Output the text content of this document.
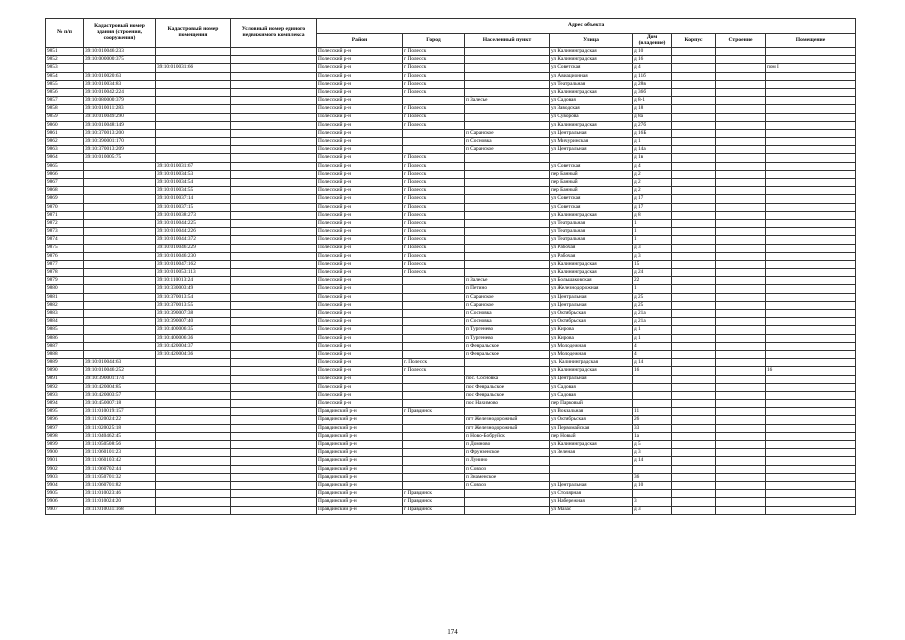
№ п/п	Кадастровый номер здания (строения, сооружения)	Кадастровый номер помещения	Условный номер единого недвижимого комплекса	Адрес объекта							
				Район	Город	Населенный пункт	Улица	Дом (владение)	Корпус	Строение	Помещение
9851	39:10:010046:233			Полесский р-н	г Полесск		ул Калининградская	д 10			
9852	39:10:000000:375			Полесский р-н	г Полесск		ул Калининградская	д 16			
9853		39:10:010031:66		Полесский р-н	г Полесск		ул Советская	д 4			пом I
9854	39:10:010020:63			Полесский р-н	г Полесск		ул Авиационная	д 11б			
9855	39:10:010034:83			Полесский р-н	г Полесск		ул Театральная	д 28в			
9856	39:10:010042:224			Полесский р-н	г Полесск		ул Калининградская	д 36б			
9857	39:10:080000:379			Полесский р-н		п Залесье	ул Садовая	д 8-1			
9858	39:10:010011:283			Полесский р-н	г Полесск		ул Заводская	д 18			
9859	39:10:010049:290			Полесский р-н	г Полесск		ул Суворова	д 8а			
9860	39:10:010048:149			Полесский р-н	г Полесск		ул Калининградская	д 27б			
9861	39:10:370013:200			Полесский р-н		п Саранское	ул Центральная	д 16Б			
9862	39:10:390001:170			Полесский р-н		п Сосновка	ул Мичуринская	д 1			
9863	39:10:370013:209			Полесский р-н		п Саранское	ул Центральная	д 14а			
9864	39:10:010005:75			Полесский р-н	г Полесск			д 1в			
9865		39:10:010031:67		Полесский р-н	г Полесск		ул Советская	д 4			
9866		39:10:010034:53		Полесский р-н	г Полесск		пер Банный	д 2			
9867		39:10:010034:54		Полесский р-н	г Полесск		пер Банный	д 2			
9868		39:10:010034:55		Полесский р-н	г Полесск		пер Банный	д 2			
9869		39:10:010037:14		Полесский р-н	г Полесск		ул Советская	д 17			
9870		39:10:010037:15		Полесский р-н	г Полесск		ул Советская	д 17			
9871		39:10:010038:273		Полесский р-н	г Полесск		ул Калининградская	д 8			
9872		39:10:010044:225		Полесский р-н	г Полесск		ул Театральная	1			
9873		39:10:010044:226		Полесский р-н	г Полесск		ул Театральная	1			
9874		39:10:010044:372		Полесский р-н	г Полесск		ул Театральная	1			
9875		39:10:010046:229		Полесский р-н	г Полесск		ул Рабочая	д 3			
9876		39:10:010046:230		Полесский р-н	г Полесск		ул Рабочая	д 3			
9877		39:10:010047:162		Полесский р-н	г Полесск		ул Калининградская	15			
9878		39:10:010053:113		Полесский р-н	г Полесск		ул Калининградская	д 24			
9879		39:10:110013:24		Полесский р-н		п Залесье	ул Большаковская	22			
9880		39:10:330003:49		Полесский р-н		п Петино	ул Железнодорожная	1			
9881		39:10:370013:54		Полесский р-н		п Саранское	ул Центральная	д 25			
9882		39:10:370013:55		Полесский р-н		п Саранское	ул Центральная	д 25			
9883		39:10:390007:38		Полесский р-н		п Сосновка	ул Октябрьская	д 21а			
9884		39:10:390007:40		Полесский р-н		п Сосновка	ул Октябрьская	д 21а			
9885		39:10:400006:35		Полесский р-н		п Тургенево	ул Кирова	д 1			
9886		39:10:400006:36		Полесский р-н		п Тургенево	ул Кирова	д 1			
9887		39:10:420004:37		Полесский р-н		п Февральское	ул Молодежная	4			
9888		39:10:420004:36		Полесский р-н		п Февральское	ул Молодежная	4			
9889	39:10:010044:63			Полесский р-н	г. Полесск		ул. Калининградская	д 14			
9890	39:10:010046:252			Полесский р-н	г Полесск		ул Калининградская	16			16
9891	39:10:390001:174			Полесский р-н		пос. Сосновка	ул Центральная				
9892	39:10:420004:85			Полесский р-н		пос Февральское	ул Садовая				
9893	39:10:420003:57			Полесский р-н		пос Февральское	ул Садовая				
9894	39:10:450007:18			Полесский р-н		пос Нахимово	пер Парковый				
9895	39:11:010019:157			Правдинский р-н	г Правдинск		ул Вокзальная	11			
9896	39:11:020024:22			Правдинский р-н		пгт Железнодорожный	ул Октябрьская	26			
9897	39:11:020025:18			Правдинский р-н		пгт Железнодорожный	ул Первомайская	33			
9898	39:11:040462:45			Правдинский р-н		п Ново-Бобруйск	пер Новый	1а			
9899	39:11:050508:56			Правдинский р-н		п Домново	ул Калининградская	д 5			
9900	39:11:060101:23			Правдинский р-н		п Фрунзенское	ул Зеленая	д 3			
9901	39:11:060103:42			Правдинский р-н		п Лунино		д 14			
9902	39:11:060702:44			Правдинский р-н		п Совхоз					
9903	39:11:050701:32			Правдинский р-н		п Знаменское		36			
9904	39:11:060701:82			Правдинский р-н		п Совхоз	ул Центральная	д 10			
9905	39:11:010023:46			Правдинский р-н	г Правдинск		ул Столярная				
9906	39:11:010024:20			Правдинский р-н	г Правдинск		ул Набережная	3			
9907	39:11:010031:168			Правдинский р-н	г Правдинск		ул Мазас	д 3			
174
